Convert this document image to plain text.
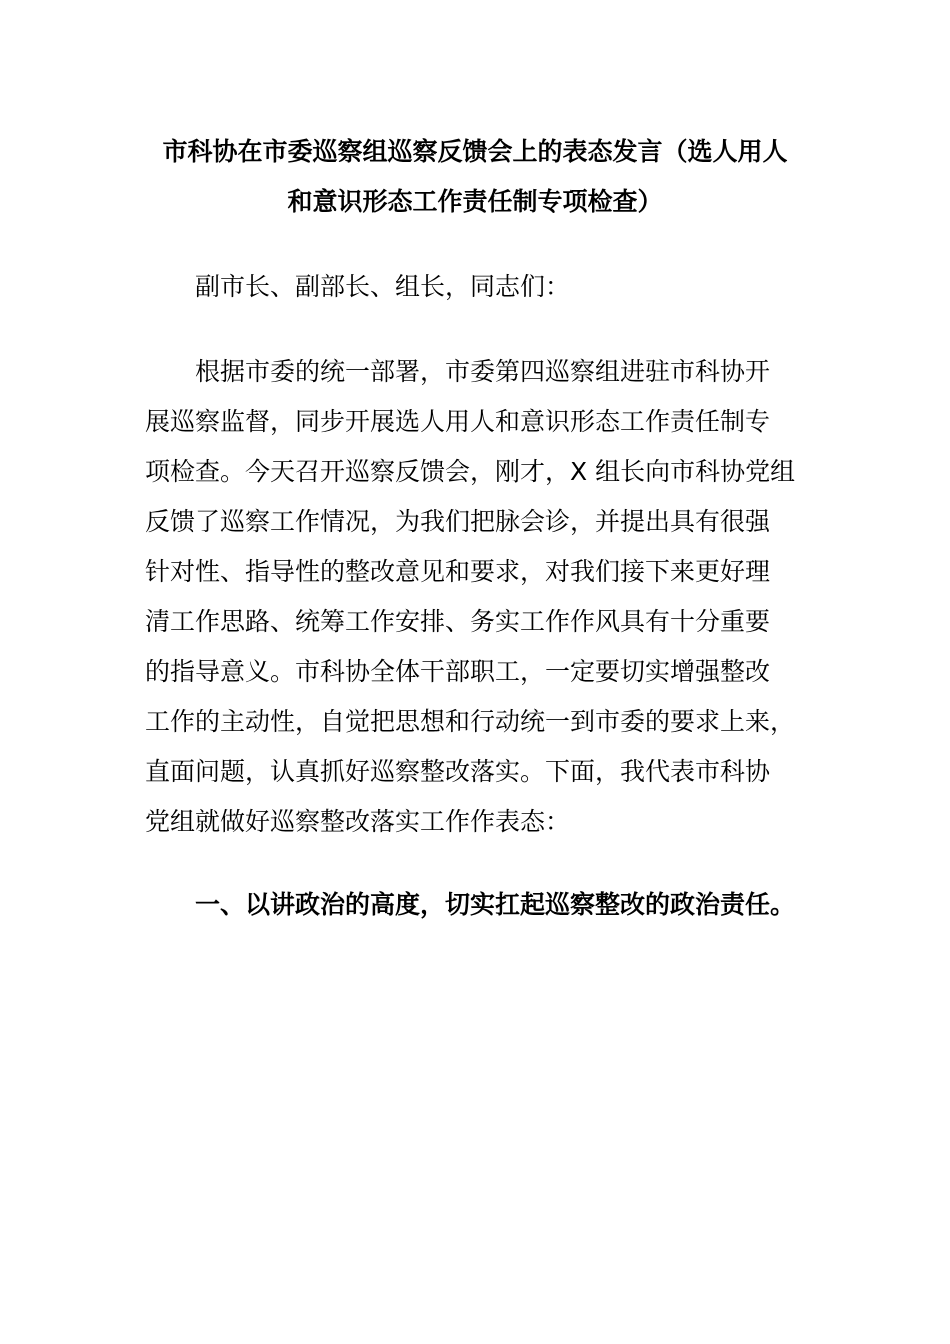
市科协在市委巡察组巡察反馈会上的表态发言（选人用人
和意识形态工作责任制专项检查）
副市长、副部长、组长，同志们：
根据市委的统一部署，市委第四巡察组进驻市科协开
展巡察监督，同步开展选人用人和意识形态工作责任制专
项检查。今天召开巡察反馈会，刚才，X 组长向市科协党组
反馈了巡察工作情况，为我们把脉会诊，并提出具有很强
针对性、指导性的整改意见和要求，对我们接下来更好理
清工作思路、统筹工作安排、务实工作作风具有十分重要
的指导意义。市科协全体干部职工，一定要切实增强整改
工作的主动性，自觉把思想和行动统一到市委的要求上来，
直面问题，认真抓好巡察整改落实。下面，我代表市科协
党组就做好巡察整改落实工作作表态：
一、以讲政治的高度，切实扛起巡察整改的政治责任。
